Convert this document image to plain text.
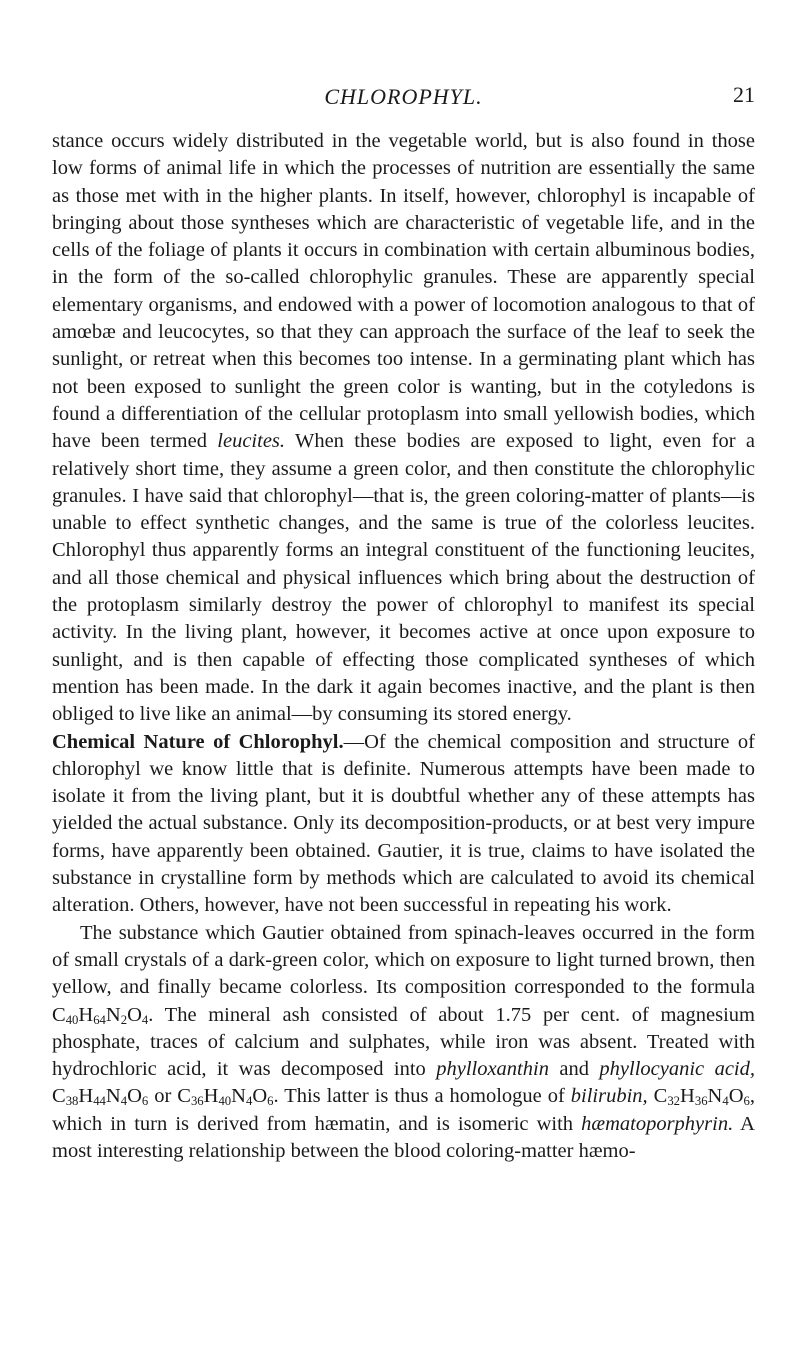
CHLOROPHYL.	21

stance occurs widely distributed in the vegetable world, but is also found in those low forms of animal life in which the processes of nutrition are essentially the same as those met with in the higher plants. In itself, however, chlorophyl is incapable of bringing about those syntheses which are characteristic of vegetable life, and in the cells of the foliage of plants it occurs in combination with certain albuminous bodies, in the form of the so-called chlorophylic granules. These are apparently special elementary organisms, and endowed with a power of locomotion analogous to that of amœbæ and leucocytes, so that they can approach the surface of the leaf to seek the sunlight, or retreat when this becomes too intense. In a germinating plant which has not been exposed to sunlight the green color is wanting, but in the cotyledons is found a differentiation of the cellular protoplasm into small yellowish bodies, which have been termed leucites. When these bodies are exposed to light, even for a relatively short time, they assume a green color, and then constitute the chlorophylic granules. I have said that chlorophyl—that is, the green coloring-matter of plants—is unable to effect synthetic changes, and the same is true of the colorless leucites. Chlorophyl thus apparently forms an integral constituent of the functioning leucites, and all those chemical and physical influences which bring about the destruction of the protoplasm similarly destroy the power of chlorophyl to manifest its special activity. In the living plant, however, it becomes active at once upon exposure to sunlight, and is then capable of effecting those complicated syntheses of which mention has been made. In the dark it again becomes inactive, and the plant is then obliged to live like an animal—by consuming its stored energy.

Chemical Nature of Chlorophyl.—Of the chemical composition and structure of chlorophyl we know little that is definite. Numerous attempts have been made to isolate it from the living plant, but it is doubtful whether any of these attempts has yielded the actual substance. Only its decomposition-products, or at best very impure forms, have apparently been obtained. Gautier, it is true, claims to have isolated the substance in crystalline form by methods which are calculated to avoid its chemical alteration. Others, however, have not been successful in repeating his work.

The substance which Gautier obtained from spinach-leaves occurred in the form of small crystals of a dark-green color, which on exposure to light turned brown, then yellow, and finally became colorless. Its composition corresponded to the formula $C_{40}H_{64}N_2O_4$. The mineral ash consisted of about 1.75 per cent. of magnesium phosphate, traces of calcium and sulphates, while iron was absent. Treated with hydrochloric acid, it was decomposed into phylloxanthin and phyllocyanic acid, $C_{38}H_{44}N_4O_6$ or $C_{36}H_{40}N_4O_6$. This latter is thus a homologue of bilirubin, $C_{32}H_{36}N_4O_6$, which in turn is derived from hæmatin, and is isomeric with hæmatoporphyrin. A most interesting relationship between the blood coloring-matter hæmo-
